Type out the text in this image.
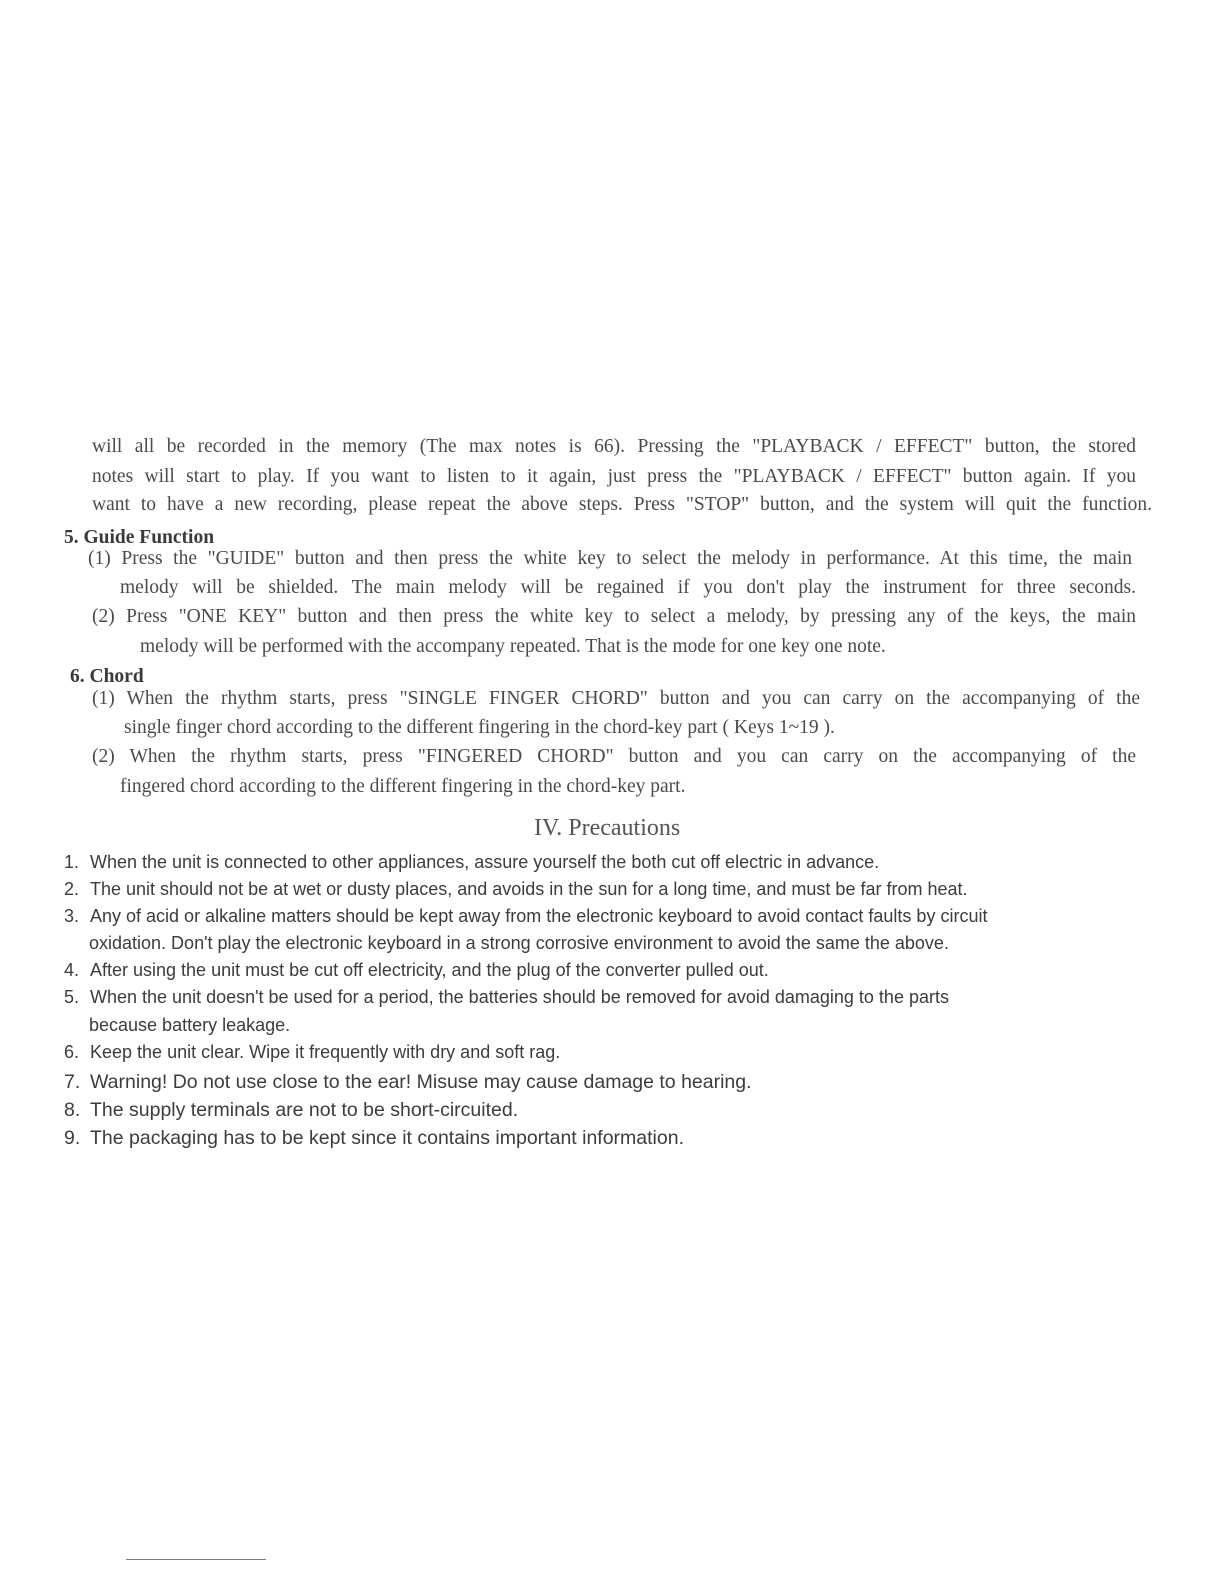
will all be recorded in the memory (The max notes is 66). Pressing the "PLAYBACK / EFFECT" button, the stored
notes will start to play. If you want to listen to it again, just press the "PLAYBACK / EFFECT" button again. If you
want to have a new recording, please repeat the above steps. Press "STOP" button, and the system will quit the function.
5. Guide Function
(1) Press the "GUIDE" button and then press the white key to select the melody in performance. At this time, the main
melody will be shielded. The main melody will be regained if you don't play the instrument for three seconds.
(2) Press "ONE KEY" button and then press the white key to select a melody, by pressing any of the keys, the main
melody will be performed with the accompany repeated. That is the mode for one key one note.
6. Chord
(1) When the rhythm starts, press "SINGLE FINGER CHORD" button and you can carry on the accompanying of the
single finger chord according to the different fingering in the chord-key part ( Keys 1~19 ).
(2) When the rhythm starts, press "FINGERED CHORD" button and you can carry on the accompanying of the
fingered chord according to the different fingering in the chord-key part.
IV. Precautions
1. When the unit is connected to other appliances, assure yourself the both cut off electric in advance.
2. The unit should not be at wet or dusty places, and avoids in the sun for a long time, and must be far from heat.
3. Any of acid or alkaline matters should be kept away from the electronic keyboard to avoid contact faults by circuit
oxidation. Don't play the electronic keyboard in a strong corrosive environment to avoid the same the above.
4. After using the unit must be cut off electricity, and the plug of the converter pulled out.
5. When the unit doesn't be used for a period, the batteries should be removed for avoid damaging to the parts
because battery leakage.
6. Keep the unit clear. Wipe it frequently with dry and soft rag.
7. Warning! Do not use close to the ear! Misuse may cause damage to hearing.
8. The supply terminals are not to be short-circuited.
9. The packaging has to be kept since it contains important information.
